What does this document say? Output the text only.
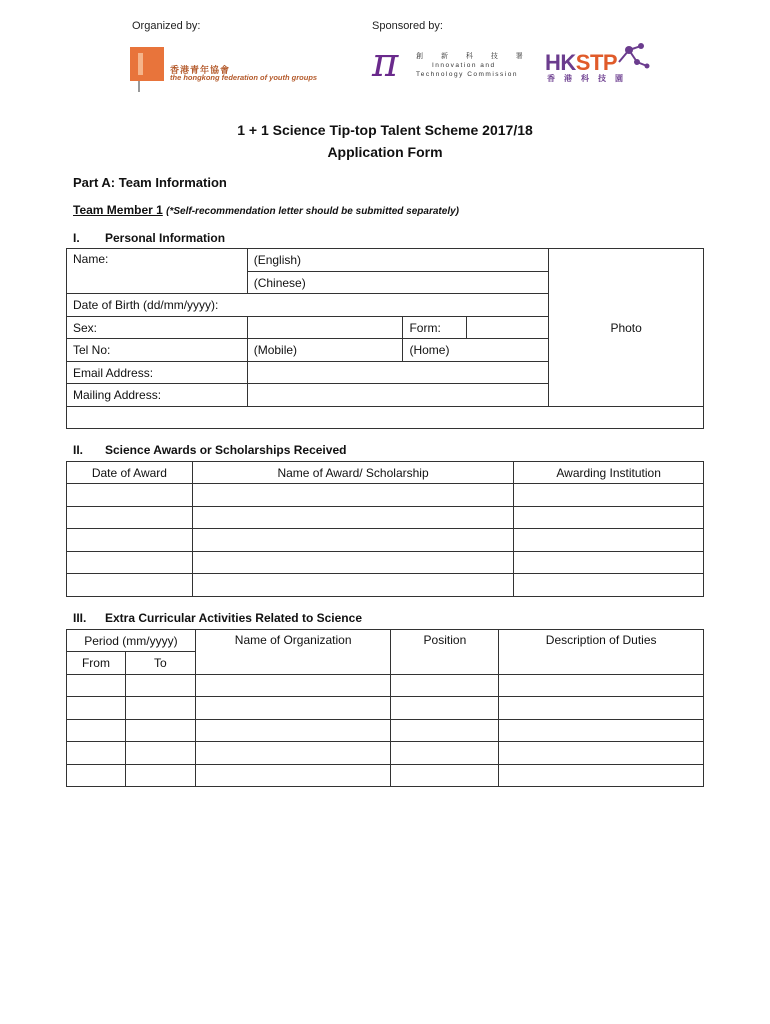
Organized by:	Sponsored by:
香港青年協會
the hongkong federation of youth groups π	創 新 科 技 署
Innovation and
Technology Commission HKSTP
香港科技園
1 + 1 Science Tip-top Talent Scheme 2017/18
Application Form
Part A: Team Information
Team Member 1 (*Self-recommendation letter should be submitted separately)
I. Personal Information
Name:	(English)			Photo
	(Chinese)			
Date of Birth (dd/mm/yyyy):				
Sex:		Form:		
Tel No:	(Mobile)	(Home)		
Email Address:				
Mailing Address:				

II. Science Awards or Scholarships Received
Date of Award	Name of Award/ Scholarship	Awarding Institution

III. Extra Curricular Activities Related to Science
Period (mm/yyyy)		Name of Organization	Position	Description of Duties
From	To			
